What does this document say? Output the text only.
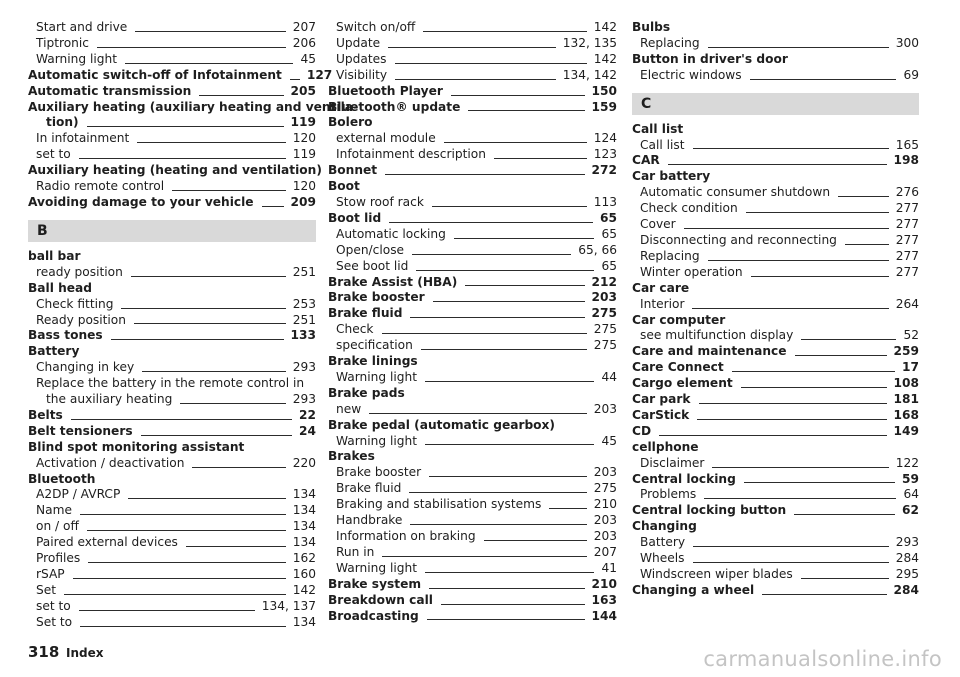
Start and drive	207
Tiptronic	206
Warning light	45
Automatic switch-off of Infotainment 127
Automatic transmission	205
Auxiliary heating (auxiliary heating and ventila-
tion)	119
In infotainment	120
set to	119
Auxiliary heating (heating and ventilation)
Radio remote control	120
Avoiding damage to your vehicle	209
B
ball bar
ready position	251
Ball head
Check fitting	253
Ready position	251
Bass tones	133
Battery
Changing in key	293
Replace the battery in the remote control in
the auxiliary heating	293
Belts	22
Belt tensioners	24
Blind spot monitoring assistant
Activation / deactivation	220
Bluetooth
A2DP / AVRCP	134
Name	134
on / off	134
Paired external devices	134
Profiles	162
rSAP	160
Set	142
set to	134, 137
Set to	134
Switch on/off	142
Update	132, 135
Updates	142
Visibility	134, 142
Bluetooth Player	150
Bluetooth® update	159
Bolero
external module	124
Infotainment description	123
Bonnet	272
Boot
Stow roof rack	113
Boot lid	65
Automatic locking	65
Open/close	65, 66
See boot lid	65
Brake Assist (HBA)	212
Brake booster	203
Brake fluid	275
Check	275
specification	275
Brake linings
Warning light	44
Brake pads
new	203
Brake pedal (automatic gearbox)
Warning light	45
Brakes
Brake booster	203
Brake fluid	275
Braking and stabilisation systems	210
Handbrake	203
Information on braking	203
Run in	207
Warning light	41
Brake system	210
Breakdown call	163
Broadcasting	144
Bulbs
Replacing	300
Button in driver's door
Electric windows	69
C
Call list
Call list	165
CAR	198
Car battery
Automatic consumer shutdown	276
Check condition	277
Cover	277
Disconnecting and reconnecting	277
Replacing	277
Winter operation	277
Car care
Interior	264
Car computer
see multifunction display	52
Care and maintenance	259
Care Connect	17
Cargo element	108
Car park	181
CarStick	168
CD	149
cellphone
Disclaimer	122
Central locking	59
Problems	64
Central locking button	62
Changing
Battery	293
Wheels	284
Windscreen wiper blades	295
Changing a wheel	284
318 Index	carmanualsonline.info
